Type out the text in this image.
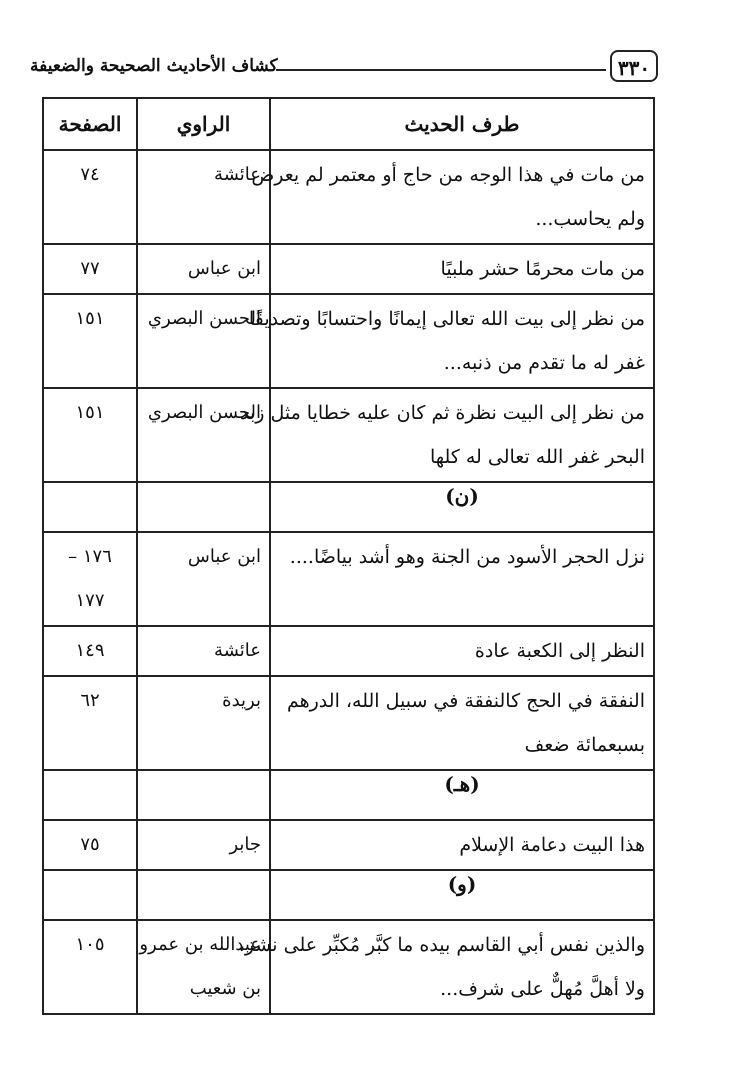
كشاف الأحاديث الصحيحة والضعيفة	٣٣٠
طرف الحديث	الراوي	الصفحة

من مات في هذا الوجه من حاج أو معتمر لم يعرض
ولم يحاسب...	عائشة	٧٤

من مات محرمًا حشر ملبيًا	ابن عباس	٧٧

من نظر إلى بيت الله تعالى إيمانًا واحتسابًا وتصديقًا
غفر له ما تقدم من ذنبه...	الحسن البصري	١٥١

من نظر إلى البيت نظرة ثم كان عليه خطايا مثل زبد
البحر غفر الله تعالى له كلها	الحسن البصري	١٥١
(ن)		

نزل الحجر الأسود من الجنة وهو أشد بياضًا....	ابن عباس	١٧٦ –
١٧٧

النظر إلى الكعبة عادة	عائشة	١٤٩

النفقة في الحج كالنفقة في سبيل الله، الدرهم
بسبعمائة ضعف	بريدة	٦٢
(هـ)		

هذا البيت دعامة الإسلام	جابر	٧٥
(و)		

والذين نفس أبي القاسم بيده ما كبَّر مُكبِّر على نشز،
ولا أهلَّ مُهلٌّ على شرف...	عبدالله بن عمرو
بن شعيب	١٠٥
